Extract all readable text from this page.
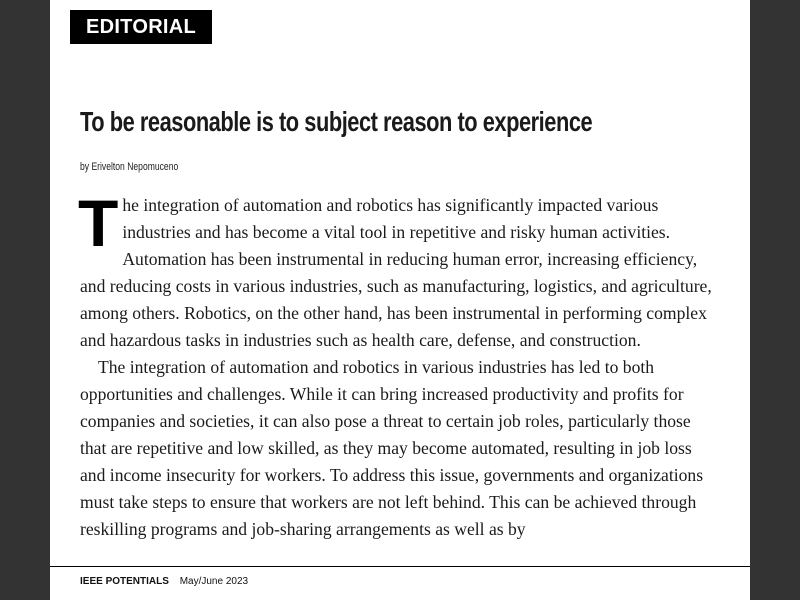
EDITORIAL
To be reasonable is to subject reason to experience
by Erivelton Nepomuceno

The integration of automation and robotics has significantly impacted various industries and has become a vital tool in repetitive and risky human activities. Automation has been instrumental in reducing human error, increasing efficiency, and reducing costs in various industries, such as manufacturing, logistics, and agriculture, among others. Robotics, on the other hand, has been instrumental in performing complex and hazardous tasks in industries such as health care, defense, and construction.

The integration of automation and robotics in various industries has led to both opportunities and challenges. While it can bring increased productivity and profits for companies and societies, it can also pose a threat to certain job roles, particularly those that are repetitive and low skilled, as they may become automated, resulting in job loss and income insecurity for workers. To address this issue, governments and organizations must take steps to ensure that workers are not left behind. This can be achieved through reskilling programs and job-sharing arrangements as well as by

IEEE POTENTIALS May/June 2023
